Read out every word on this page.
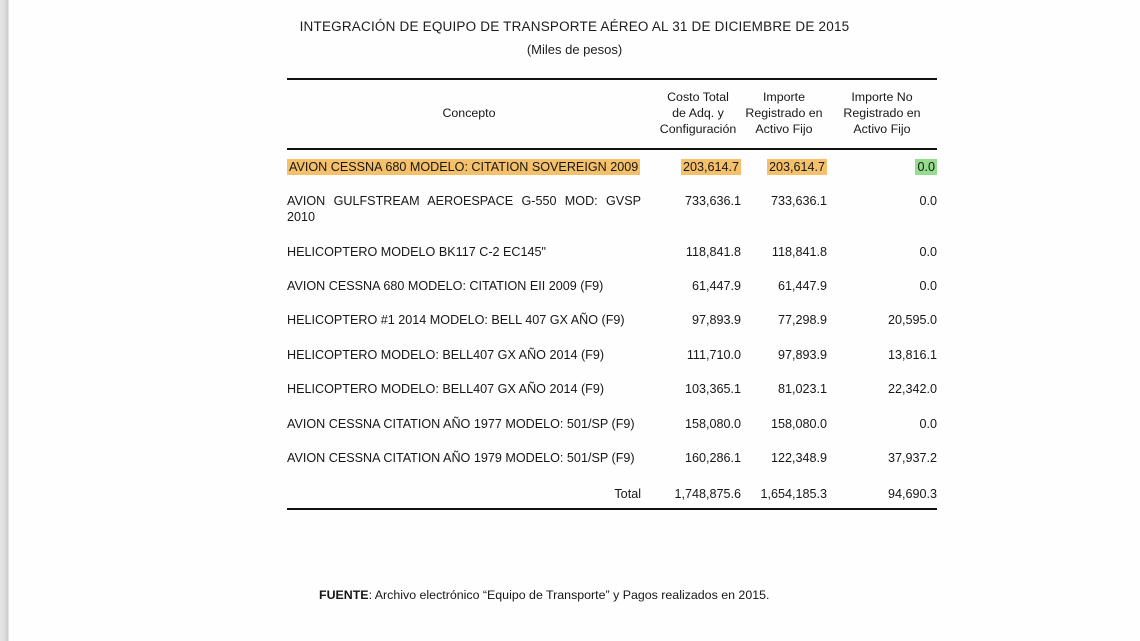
INTEGRACIÓN DE EQUIPO DE TRANSPORTE AÉREO AL 31 DE DICIEMBRE DE 2015
(Miles de pesos)
Concepto	Costo Total de Adq. y Configuración	Importe Registrado en Activo Fijo	Importe No Registrado en Activo Fijo
AVION CESSNA 680 MODELO: CITATION SOVEREIGN 2009	203,614.7	203,614.7	0.0
AVION GULFSTREAM AEROESPACE G-550 MOD: GVSP 2010	733,636.1	733,636.1	0.0
HELICOPTERO MODELO BK117 C-2 EC145"	118,841.8	118,841.8	0.0
AVION CESSNA 680 MODELO: CITATION EII 2009 (F9)	61,447.9	61,447.9	0.0
HELICOPTERO #1 2014 MODELO: BELL 407 GX AÑO (F9)	97,893.9	77,298.9	20,595.0
HELICOPTERO MODELO: BELL407 GX AÑO 2014 (F9)	111,710.0	97,893.9	13,816.1
HELICOPTERO MODELO: BELL407 GX AÑO 2014 (F9)	103,365.1	81,023.1	22,342.0
AVION CESSNA CITATION AÑO 1977 MODELO: 501/SP (F9)	158,080.0	158,080.0	0.0
AVION CESSNA CITATION AÑO 1979 MODELO: 501/SP (F9)	160,286.1	122,348.9	37,937.2
Total	1,748,875.6	1,654,185.3	94,690.3

FUENTE: Archivo electrónico “Equipo de Transporte” y Pagos realizados en 2015.
